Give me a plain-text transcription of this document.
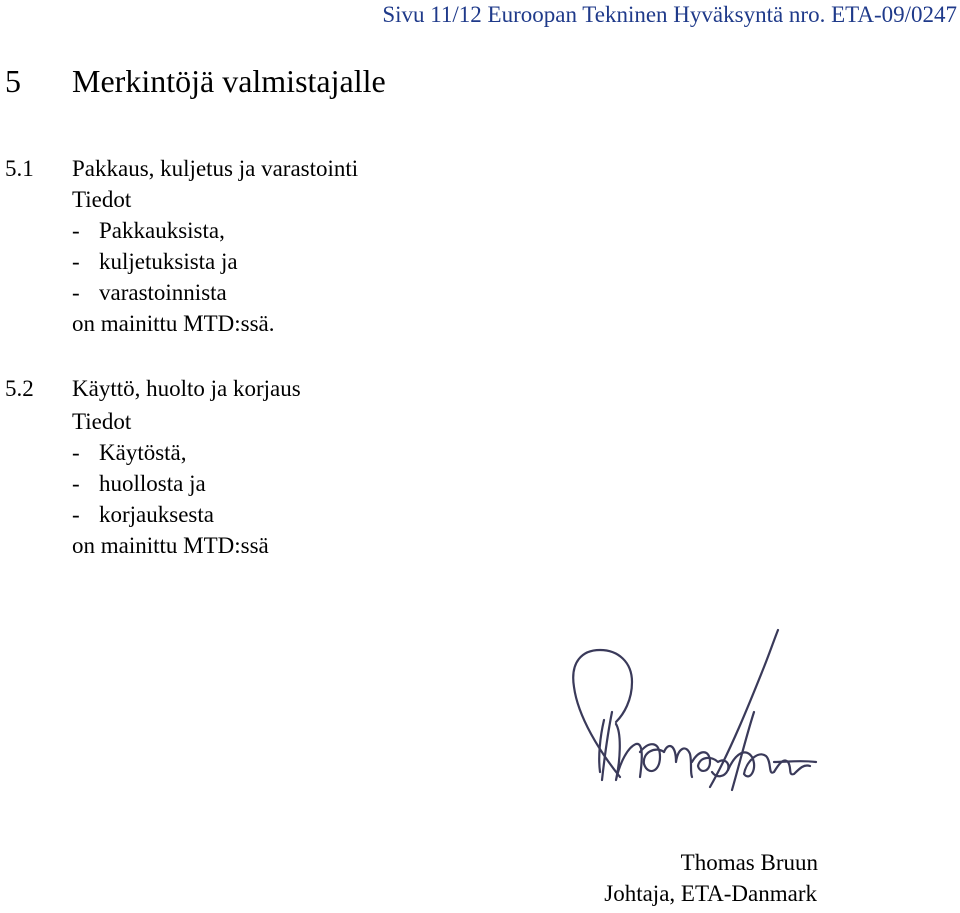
Sivu 11/12 Euroopan Tekninen Hyväksyntä nro. ETA-09/0247
5 Merkintöjä valmistajalle
5.1 Pakkaus, kuljetus ja varastointi
Tiedot
- Pakkauksista,
- kuljetuksista ja
- varastoinnista
on mainittu MTD:ssä.
5.2 Käyttö, huolto ja korjaus
Tiedot
- Käytöstä,
- huollosta ja
- korjauksesta
on mainittu MTD:ssä
Thomas Bruun
Johtaja, ETA-Danmark
